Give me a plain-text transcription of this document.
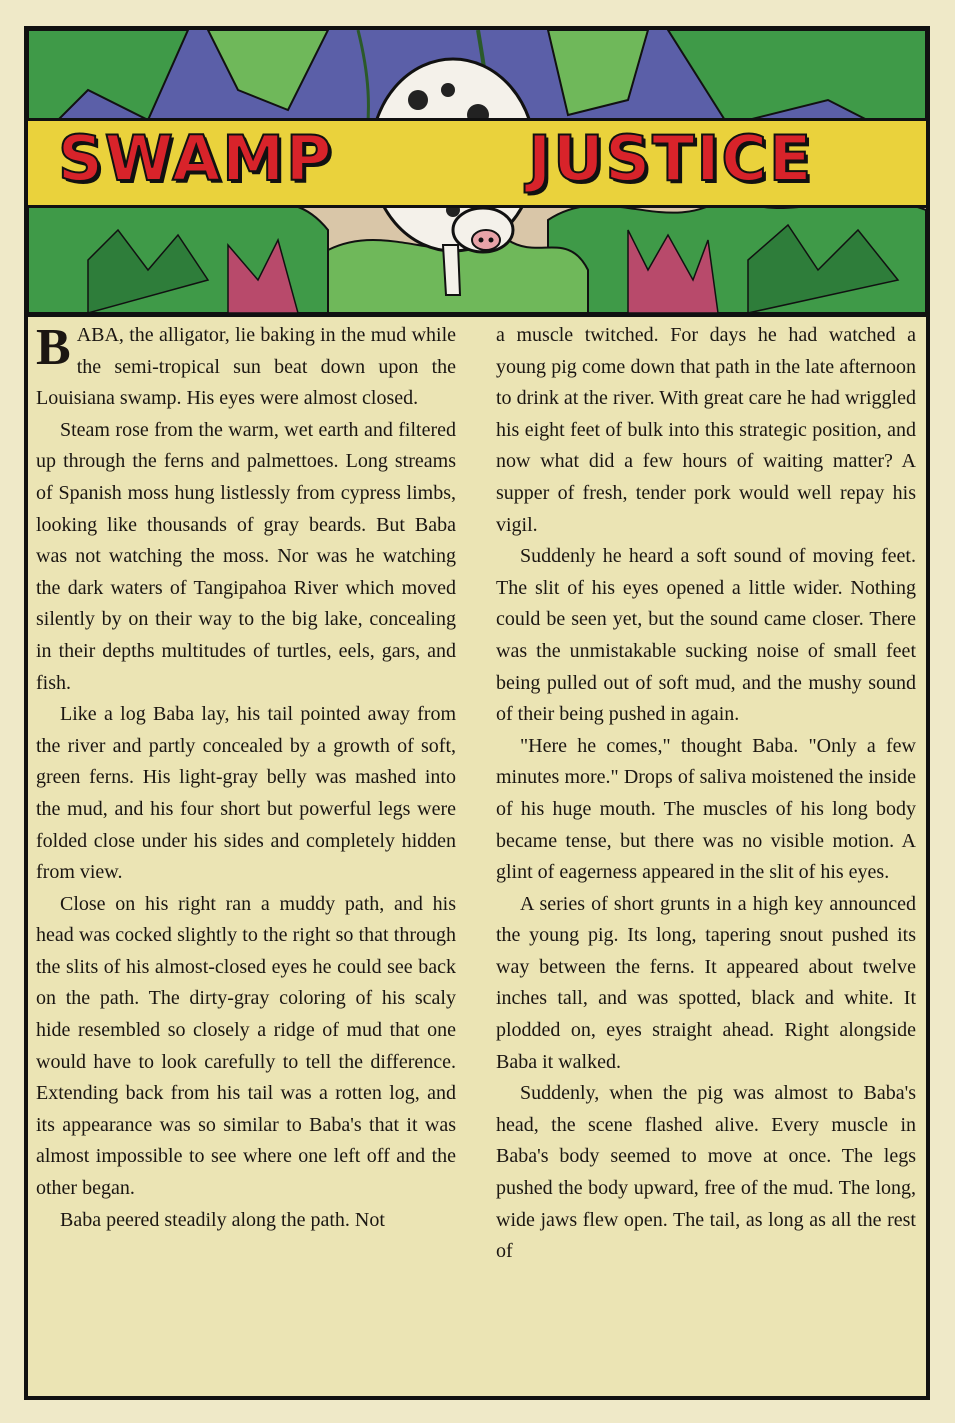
SWAMP	JUSTICE

BABA, the alligator, lie baking in the mud while the semi-tropical sun beat down upon the Louisiana swamp. His eyes were almost closed.

Steam rose from the warm, wet earth and filtered up through the ferns and palmettoes. Long streams of Spanish moss hung listlessly from cypress limbs, looking like thousands of gray beards. But Baba was not watching the moss. Nor was he watching the dark waters of Tangipahoa River which moved silently by on their way to the big lake, concealing in their depths multitudes of turtles, eels, gars, and fish.

Like a log Baba lay, his tail pointed away from the river and partly concealed by a growth of soft, green ferns. His light-gray belly was mashed into the mud, and his four short but powerful legs were folded close under his sides and completely hidden from view.

Close on his right ran a muddy path, and his head was cocked slightly to the right so that through the slits of his almost-closed eyes he could see back on the path. The dirty-gray coloring of his scaly hide resembled so closely a ridge of mud that one would have to look carefully to tell the difference. Extending back from his tail was a rotten log, and its appearance was so similar to Baba's that it was almost impossible to see where one left off and the other began.

Baba peered steadily along the path. Not

a muscle twitched. For days he had watched a young pig come down that path in the late afternoon to drink at the river. With great care he had wriggled his eight feet of bulk into this strategic position, and now what did a few hours of waiting matter? A supper of fresh, tender pork would well repay his vigil.

Suddenly he heard a soft sound of moving feet. The slit of his eyes opened a little wider. Nothing could be seen yet, but the sound came closer. There was the unmistakable sucking noise of small feet being pulled out of soft mud, and the mushy sound of their being pushed in again.

"Here he comes," thought Baba. "Only a few minutes more." Drops of saliva moistened the inside of his huge mouth. The muscles of his long body became tense, but there was no visible motion. A glint of eagerness appeared in the slit of his eyes.

A series of short grunts in a high key announced the young pig. Its long, tapering snout pushed its way between the ferns. It appeared about twelve inches tall, and was spotted, black and white. It plodded on, eyes straight ahead. Right alongside Baba it walked.

Suddenly, when the pig was almost to Baba's head, the scene flashed alive. Every muscle in Baba's body seemed to move at once. The legs pushed the body upward, free of the mud. The long, wide jaws flew open. The tail, as long as all the rest of
